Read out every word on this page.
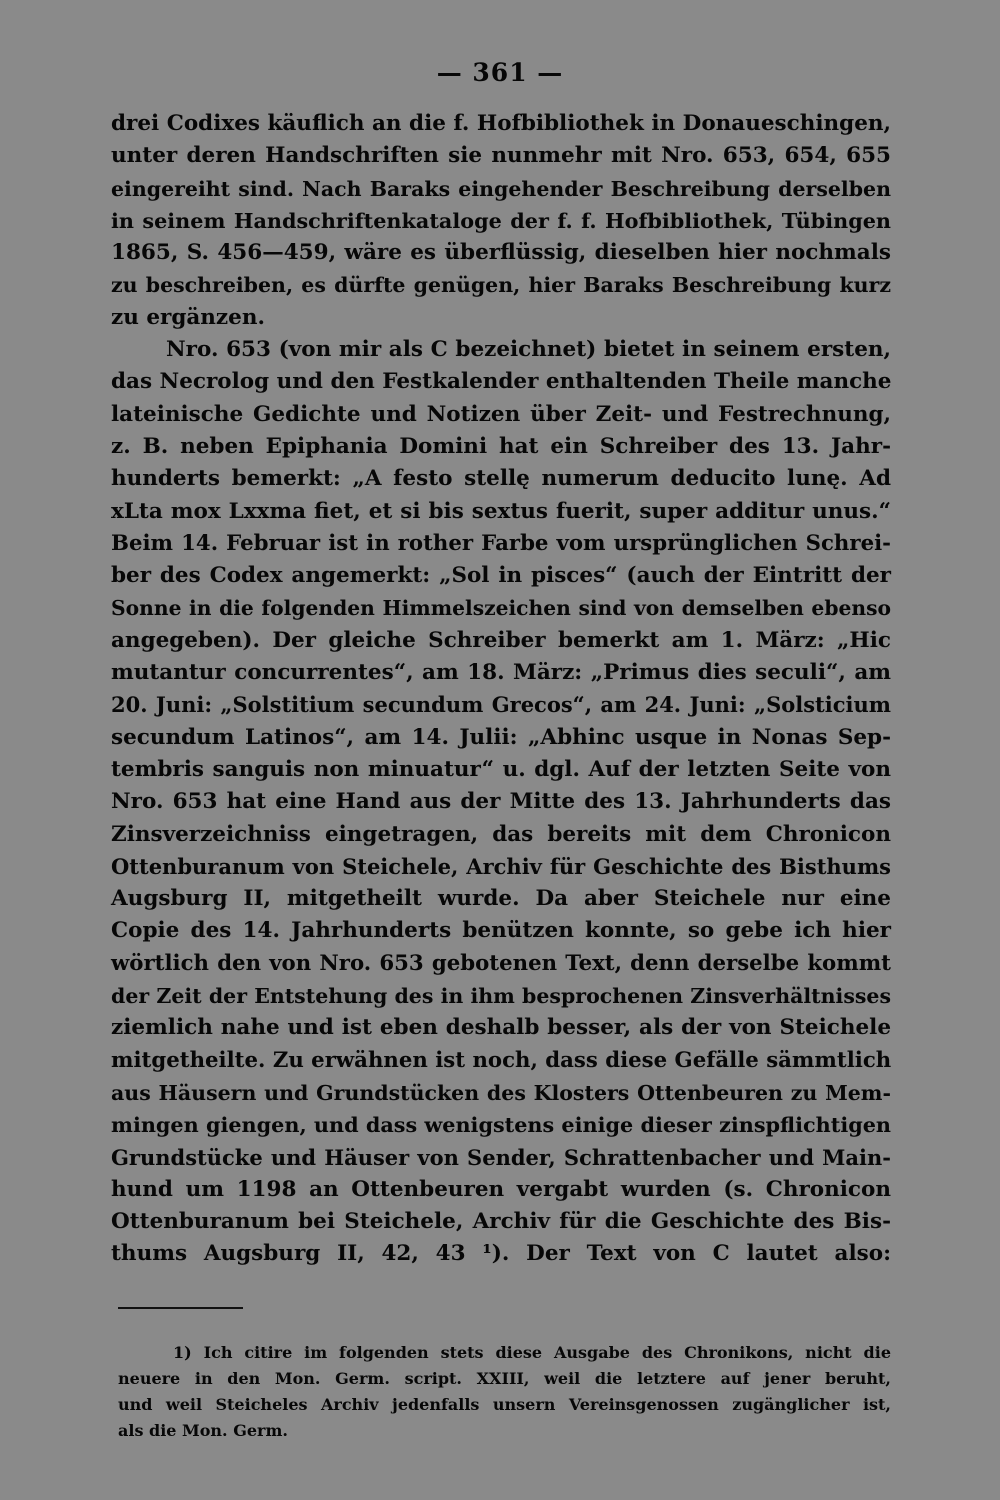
— 361 —
drei Codixes käuflich an die f. Hofbibliothek in Donaueschingen,
unter deren Handschriften sie nunmehr mit Nro. 653, 654, 655
eingereiht sind. Nach Baraks eingehender Beschreibung derselben
in seinem Handschriftenkataloge der f. f. Hofbibliothek, Tübingen
1865, S. 456—459, wäre es überflüssig, dieselben hier nochmals
zu beschreiben, es dürfte genügen, hier Baraks Beschreibung kurz
zu ergänzen.
Nro. 653 (von mir als C bezeichnet) bietet in seinem ersten,
das Necrolog und den Festkalender enthaltenden Theile manche
lateinische Gedichte und Notizen über Zeit- und Festrechnung,
z. B. neben Epiphania Domini hat ein Schreiber des 13. Jahr-
hunderts bemerkt: „A festo stellę numerum deducito lunę. Ad
xLta mox Lxxma fiet, et si bis sextus fuerit, super additur unus.“
Beim 14. Februar ist in rother Farbe vom ursprünglichen Schrei-
ber des Codex angemerkt: „Sol in pisces“ (auch der Eintritt der
Sonne in die folgenden Himmelszeichen sind von demselben ebenso
angegeben). Der gleiche Schreiber bemerkt am 1. März: „Hic
mutantur concurrentes“, am 18. März: „Primus dies seculi“, am
20. Juni: „Solstitium secundum Grecos“, am 24. Juni: „Solsticium
secundum Latinos“, am 14. Julii: „Abhinc usque in Nonas Sep-
tembris sanguis non minuatur“ u. dgl. Auf der letzten Seite von
Nro. 653 hat eine Hand aus der Mitte des 13. Jahrhunderts das
Zinsverzeichniss eingetragen, das bereits mit dem Chronicon
Ottenburanum von Steichele, Archiv für Geschichte des Bisthums
Augsburg II, mitgetheilt wurde. Da aber Steichele nur eine
Copie des 14. Jahrhunderts benützen konnte, so gebe ich hier
wörtlich den von Nro. 653 gebotenen Text, denn derselbe kommt
der Zeit der Entstehung des in ihm besprochenen Zinsverhältnisses
ziemlich nahe und ist eben deshalb besser, als der von Steichele
mitgetheilte. Zu erwähnen ist noch, dass diese Gefälle sämmtlich
aus Häusern und Grundstücken des Klosters Ottenbeuren zu Mem-
mingen giengen, und dass wenigstens einige dieser zinspflichtigen
Grundstücke und Häuser von Sender, Schrattenbacher und Main-
hund um 1198 an Ottenbeuren vergabt wurden (s. Chronicon
Ottenburanum bei Steichele, Archiv für die Geschichte des Bis-
thums Augsburg II, 42, 43 ¹). Der Text von C lautet also:
1) Ich citire im folgenden stets diese Ausgabe des Chronikons, nicht die
neuere in den Mon. Germ. script. XXIII, weil die letztere auf jener beruht,
und weil Steicheles Archiv jedenfalls unsern Vereinsgenossen zugänglicher ist,
als die Mon. Germ.
